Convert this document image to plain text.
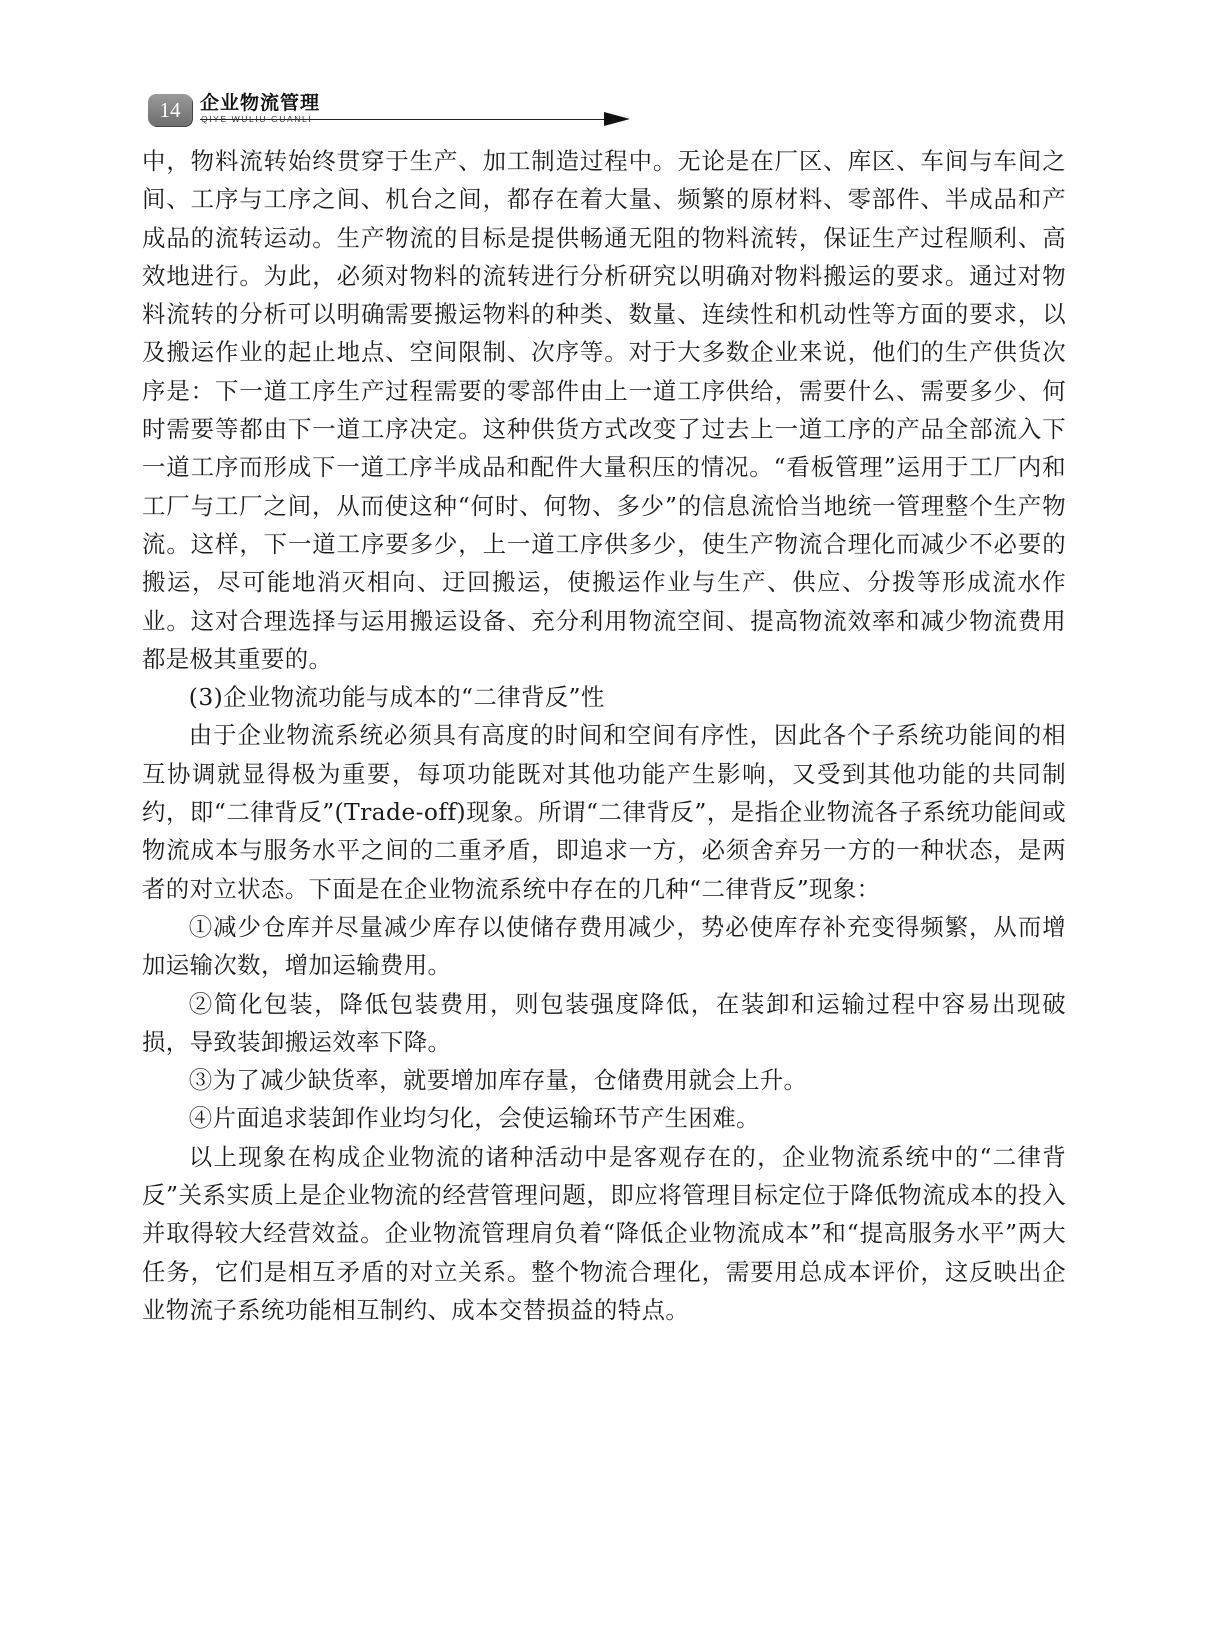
14	企业物流管理
QIYE WULIU GUANLI

中，物料流转始终贯穿于生产、加工制造过程中。无论是在厂区、库区、车间与车间之间、工序与工序之间、机台之间，都存在着大量、频繁的原材料、零部件、半成品和产成品的流转运动。生产物流的目标是提供畅通无阻的物料流转，保证生产过程顺利、高效地进行。为此，必须对物料的流转进行分析研究以明确对物料搬运的要求。通过对物料流转的分析可以明确需要搬运物料的种类、数量、连续性和机动性等方面的要求，以及搬运作业的起止地点、空间限制、次序等。对于大多数企业来说，他们的生产供货次序是：下一道工序生产过程需要的零部件由上一道工序供给，需要什么、需要多少、何时需要等都由下一道工序决定。这种供货方式改变了过去上一道工序的产品全部流入下一道工序而形成下一道工序半成品和配件大量积压的情况。“看板管理”运用于工厂内和工厂与工厂之间，从而使这种“何时、何物、多少”的信息流恰当地统一管理整个生产物流。这样，下一道工序要多少，上一道工序供多少，使生产物流合理化而减少不必要的搬运，尽可能地消灭相向、迂回搬运，使搬运作业与生产、供应、分拨等形成流水作业。这对合理选择与运用搬运设备、充分利用物流空间、提高物流效率和减少物流费用都是极其重要的。

(3)企业物流功能与成本的“二律背反”性

由于企业物流系统必须具有高度的时间和空间有序性，因此各个子系统功能间的相互协调就显得极为重要，每项功能既对其他功能产生影响，又受到其他功能的共同制约，即“二律背反”(Trade-off)现象。所谓“二律背反”，是指企业物流各子系统功能间或物流成本与服务水平之间的二重矛盾，即追求一方，必须舍弃另一方的一种状态，是两者的对立状态。下面是在企业物流系统中存在的几种“二律背反”现象：

①减少仓库并尽量减少库存以使储存费用减少，势必使库存补充变得频繁，从而增加运输次数，增加运输费用。

②简化包装，降低包装费用，则包装强度降低，在装卸和运输过程中容易出现破损，导致装卸搬运效率下降。

③为了减少缺货率，就要增加库存量，仓储费用就会上升。

④片面追求装卸作业均匀化，会使运输环节产生困难。

以上现象在构成企业物流的诸种活动中是客观存在的，企业物流系统中的“二律背反”关系实质上是企业物流的经营管理问题，即应将管理目标定位于降低物流成本的投入并取得较大经营效益。企业物流管理肩负着“降低企业物流成本”和“提高服务水平”两大任务，它们是相互矛盾的对立关系。整个物流合理化，需要用总成本评价，这反映出企业物流子系统功能相互制约、成本交替损益的特点。
